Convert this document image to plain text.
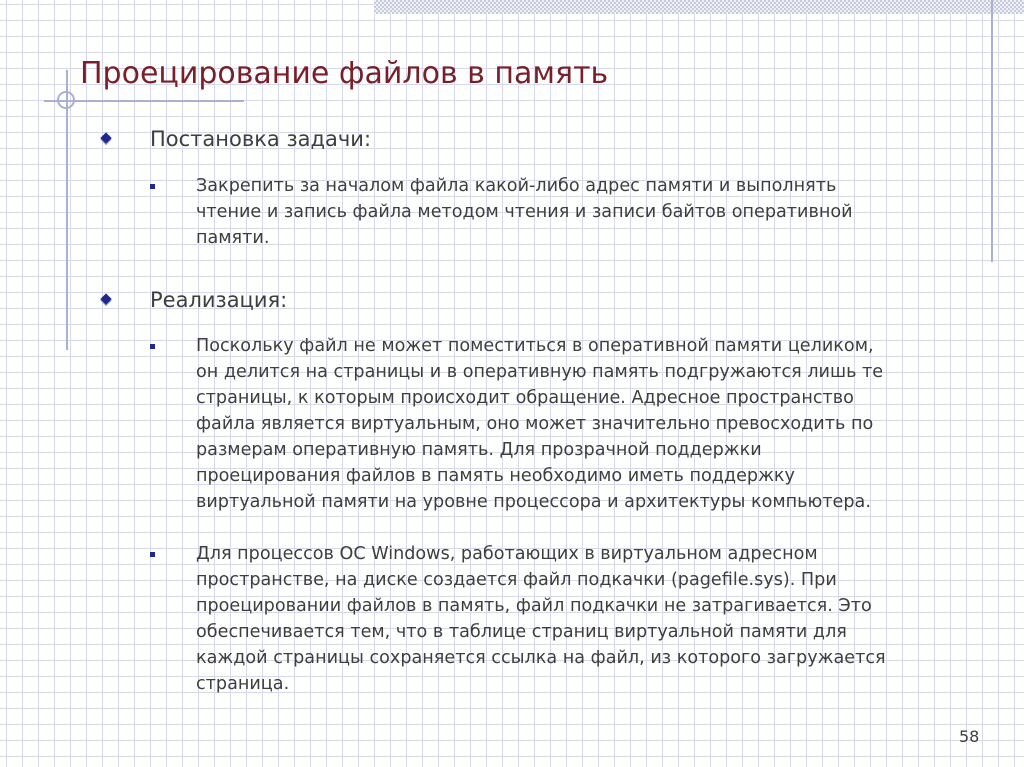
Проецирование файлов в память
Постановка задачи:
Закрепить за началом файла какой-либо адрес памяти и выполнять
чтение и запись файла методом чтения и записи байтов оперативной
памяти.
Реализация:
Поскольку файл не может поместиться в оперативной памяти целиком,
он делится на страницы и в оперативную память подгружаются лишь те
страницы, к которым происходит обращение. Адресное пространство
файла является виртуальным, оно может значительно превосходить по
размерам оперативную память. Для прозрачной поддержки
проецирования файлов в память необходимо иметь поддержку
виртуальной памяти на уровне процессора и архитектуры компьютера.
Для процессов ОС Windows, работающих в виртуальном адресном
пространстве, на диске создается файл подкачки (pagefile.sys). При
проецировании файлов в память, файл подкачки не затрагивается. Это
обеспечивается тем, что в таблице страниц виртуальной памяти для
каждой страницы сохраняется ссылка на файл, из которого загружается
страница.
58
